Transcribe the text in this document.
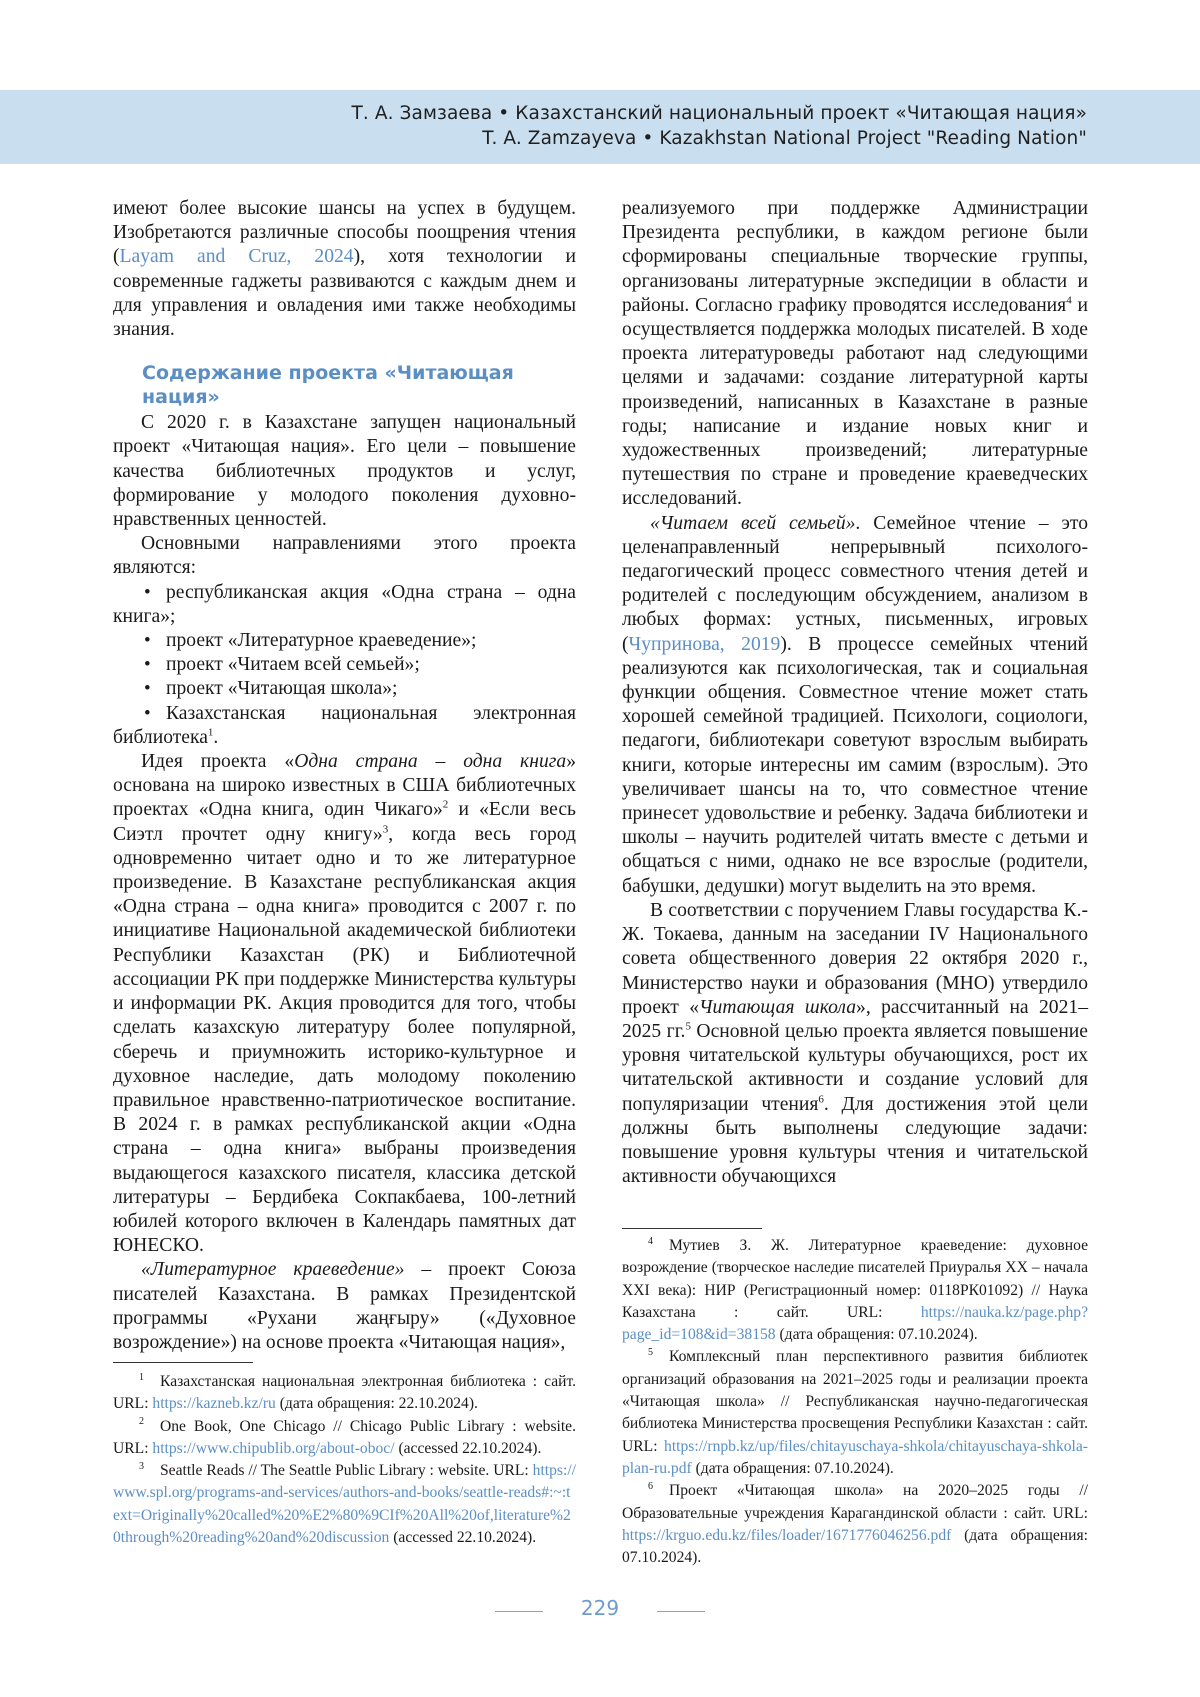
Т. А. Замзаева • Казахстанский национальный проект «Читающая нация»
T. A. Zamzayeva • Kazakhstan National Project "Reading Nation"

имеют более высокие шансы на успех в будущем. Изобретаются различные способы поощрения чтения (Layam and Cruz, 2024), хотя технологии и современные гаджеты развиваются с каждым днем и для управления и овладения ими также необходимы знания.

Содержание проекта «Читающая нация»

С 2020 г. в Казахстане запущен национальный проект «Читающая нация». Его цели – повышение качества библиотечных продуктов и услуг, формирование у молодого поколения духовно-нравственных ценностей.

Основными направлениями этого проекта являются:

• республиканская акция «Одна страна – одна книга»;
• проект «Литературное краеведение»;
• проект «Читаем всей семьей»;
• проект «Читающая школа»;
• Казахстанская национальная электронная библиотека$^1$.

Идея проекта «Одна страна – одна книга» основана на широко известных в США библиотечных проектах «Одна книга, один Чикаго»$^2$ и «Если весь Сиэтл прочтет одну книгу»$^3$, когда весь город одновременно читает одно и то же литературное произведение. В Казахстане республиканская акция «Одна страна – одна книга» проводится с 2007 г. по инициативе Национальной академической библиотеки Республики Казахстан (РК) и Библиотечной ассоциации РК при поддержке Министерства культуры и информации РК. Акция проводится для того, чтобы сделать казахскую литературу более популярной, сберечь и приумножить историко-культурное и духовное наследие, дать молодому поколению правильное нравственно-патриотическое воспитание. В 2024 г. в рамках республиканской акции «Одна страна – одна книга» выбраны произведения выдающегося казахского писателя, классика детской литературы – Бердибека Сокпакбаева, 100-летний юбилей которого включен в Календарь памятных дат ЮНЕСКО.

«Литературное краеведение» – проект Союза писателей Казахстана. В рамках Президентской программы «Рухани жаңғыру» («Духовное возрождение») на основе проекта «Читающая нация»,

реализуемого при поддержке Администрации Президента республики, в каждом регионе были сформированы специальные творческие группы, организованы литературные экспедиции в области и районы. Согласно графику проводятся исследования$^4$ и осуществляется поддержка молодых писателей. В ходе проекта литературоведы работают над следующими целями и задачами: создание литературной карты произведений, написанных в Казахстане в разные годы; написание и издание новых книг и художественных произведений; литературные путешествия по стране и проведение краеведческих исследований.

«Читаем всей семьей». Семейное чтение – это целенаправленный непрерывный психолого-педагогический процесс совместного чтения детей и родителей с последующим обсуждением, анализом в любых формах: устных, письменных, игровых (Чупринова, 2019). В процессе семейных чтений реализуются как психологическая, так и социальная функции общения. Совместное чтение может стать хорошей семейной традицией. Психологи, социологи, педагоги, библиотекари советуют взрослым выбирать книги, которые интересны им самим (взрослым). Это увеличивает шансы на то, что совместное чтение принесет удовольствие и ребенку. Задача библиотеки и школы – научить родителей читать вместе с детьми и общаться с ними, однако не все взрослые (родители, бабушки, дедушки) могут выделить на это время.

В соответствии с поручением Главы государства К.-Ж. Токаева, данным на заседании IV Национального совета общественного доверия 22 октября 2020 г., Министерство науки и образования (МНО) утвердило проект «Читающая школа», рассчитанный на 2021–2025 гг.$^5$ Основной целью проекта является повышение уровня читательской культуры обучающихся, рост их читательской активности и создание условий для популяризации чтения$^6$. Для достижения этой цели должны быть выполнены следующие задачи: повышение уровня культуры чтения и читательской активности обучающихся

$^1$ Казахстанская национальная электронная библиотека : сайт. URL: https://kazneb.kz/ru (дата обращения: 22.10.2024).

$^2$ One Book, One Chicago // Chicago Public Library : website. URL: https://www.chipublib.org/about-oboc/ (accessed 22.10.2024).

$^3$ Seattle Reads // The Seattle Public Library : website. URL: https://www.spl.org/programs-and-services/authors-and-books/seattle-reads#:~:text=Originally%20called%20%E2%80%9CIf%20All%20of,literature%20through%20reading%20and%20discussion (accessed 22.10.2024).

$^4$ Мутиев З. Ж. Литературное краеведение: духовное возрождение (творческое наследие писателей Приуралья XX – начала XXI века): НИР (Регистрационный номер: 0118РК01092) // Наука Казахстана : сайт. URL: https://nauka.kz/page.php?page_id=108&id=38158 (дата обращения: 07.10.2024).

$^5$ Комплексный план перспективного развития библиотек организаций образования на 2021–2025 годы и реализации проекта «Читающая школа» // Республиканская научно-педагогическая библиотека Министерства просвещения Республики Казахстан : сайт. URL: https://rnpb.kz/up/files/chitayuschaya-shkola/chitayuschaya-shkola-plan-ru.pdf (дата обращения: 07.10.2024).

$^6$ Проект «Читающая школа» на 2020–2025 годы // Образовательные учреждения Карагандинской области : сайт. URL: https://krguo.edu.kz/files/loader/1671776046256.pdf (дата обращения: 07.10.2024).

229
